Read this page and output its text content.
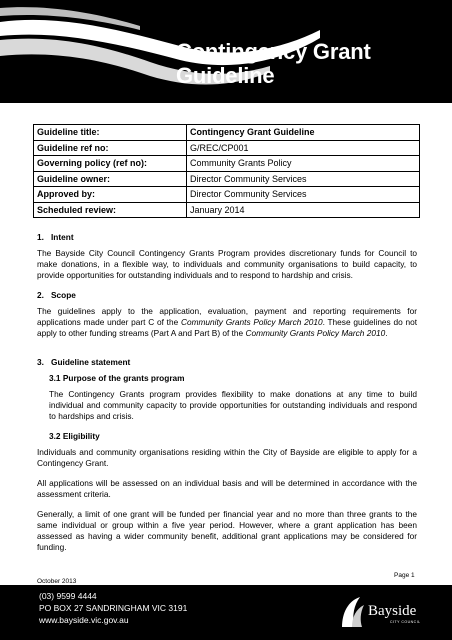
Contingency Grant
Guideline
Guideline title:	Contingency Grant Guideline
Guideline ref no:	G/REC/CP001
Governing policy (ref no):	Community Grants Policy
Guideline owner:	Director Community Services
Approved by:	Director Community Services
Scheduled review:	January 2014
1. Intent
The Bayside City Council Contingency Grants Program provides discretionary funds for Council to make donations, in a flexible way, to individuals and community organisations to build capacity, to provide opportunities for outstanding individuals and to respond to hardship and crisis.
2. Scope
The guidelines apply to the application, evaluation, payment and reporting requirements for applications made under part C of the Community Grants Policy March 2010. These guidelines do not apply to other funding streams (Part A and Part B) of the Community Grants Policy March 2010.
3. Guideline statement
3.1 Purpose of the grants program
The Contingency Grants program provides flexibility to make donations at any time to build individual and community capacity to provide opportunities for outstanding individuals and respond to hardships and crisis.
3.2 Eligibility
Individuals and community organisations residing within the City of Bayside are eligible to apply for a Contingency Grant.
All applications will be assessed on an individual basis and will be determined in accordance with the assessment criteria.
Generally, a limit of one grant will be funded per financial year and no more than three grants to the same individual or group within a five year period. However, where a grant application has been assessed as having a wider community benefit, additional grant applications may be considered for funding.
Page 1
October 2013
(03) 9599 4444
PO BOX 27 SANDRINGHAM VIC 3191
www.bayside.vic.gov.au
Bayside
CITY COUNCIL
